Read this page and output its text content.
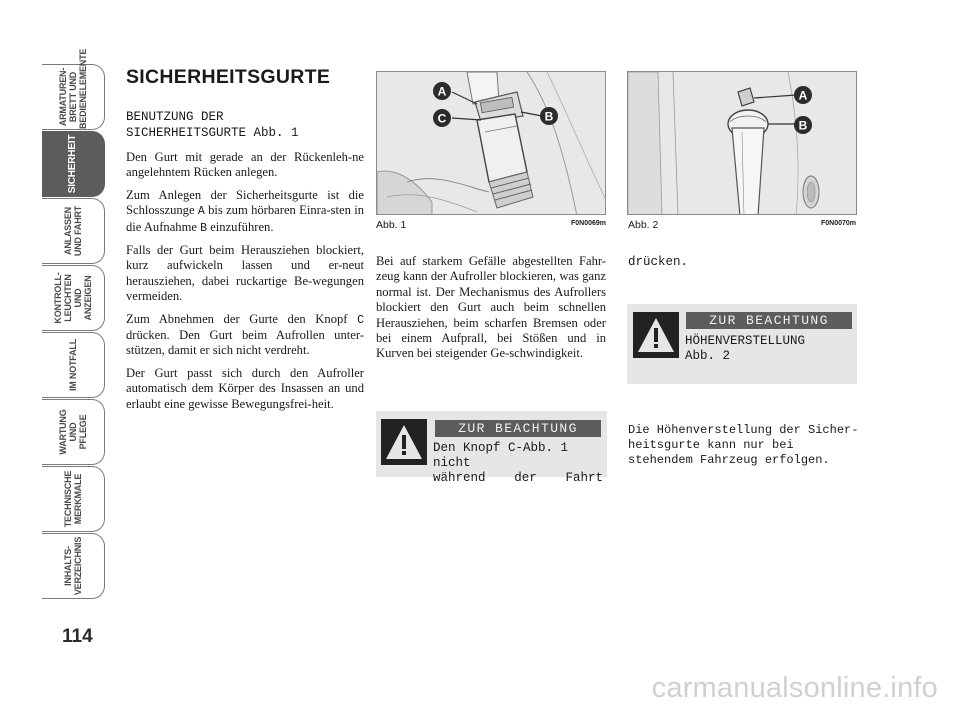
ARMATUREN-
BRETT UND
BEDIENELEMENTE
SICHERHEIT
ANLASSEN
UND FAHRT
KONTROLL-
LEUCHTEN UND
ANZEIGEN
IM NOTFALL
WARTUNG UND
PFLEGE
TECHNISCHE
MERKMALE
INHALTS-
VERZEICHNIS
114
SICHERHEITSGURTE
BENUTZUNG DER
SICHERHEITSGURTE Abb. 1

Den Gurt mit gerade an der Rückenleh-ne angelehntem Rücken anlegen.

Zum Anlegen der Sicherheitsgurte ist die Schlosszunge A bis zum hörbaren Einra-sten in die Aufnahme B einzuführen.

Falls der Gurt beim Herausziehen blockiert, kurz aufwickeln lassen und er-neut herausziehen, dabei ruckartige Be-wegungen vermeiden.

Zum Abnehmen der Gurte den Knopf C drücken. Den Gurt beim Aufrollen unter-stützen, damit er sich nicht verdreht.

Der Gurt passt sich durch den Aufroller automatisch dem Körper des Insassen an und erlaubt eine gewisse Bewegungsfrei-heit.

A
B
C
Abb. 1	F0N0069m
A
B
Abb. 2	F0N0070m

Bei auf starkem Gefälle abgestellten Fahr-zeug kann der Aufroller blockieren, was ganz normal ist. Der Mechanismus des Aufrollers blockiert den Gurt auch beim schnellen Herausziehen, beim scharfen Bremsen oder bei einem Aufprall, bei Stößen und in Kurven bei steigender Ge-schwindigkeit.

ZUR BEACHTUNG
Den Knopf C-Abb. 1 nicht
während der Fahrt
drücken.
ZUR BEACHTUNG
HÖHENVERSTELLUNG
Abb. 2
Die Höhenverstellung der Sicher-heitsgurte kann nur bei stehendem Fahrzeug erfolgen.
carmanualsonline.info
